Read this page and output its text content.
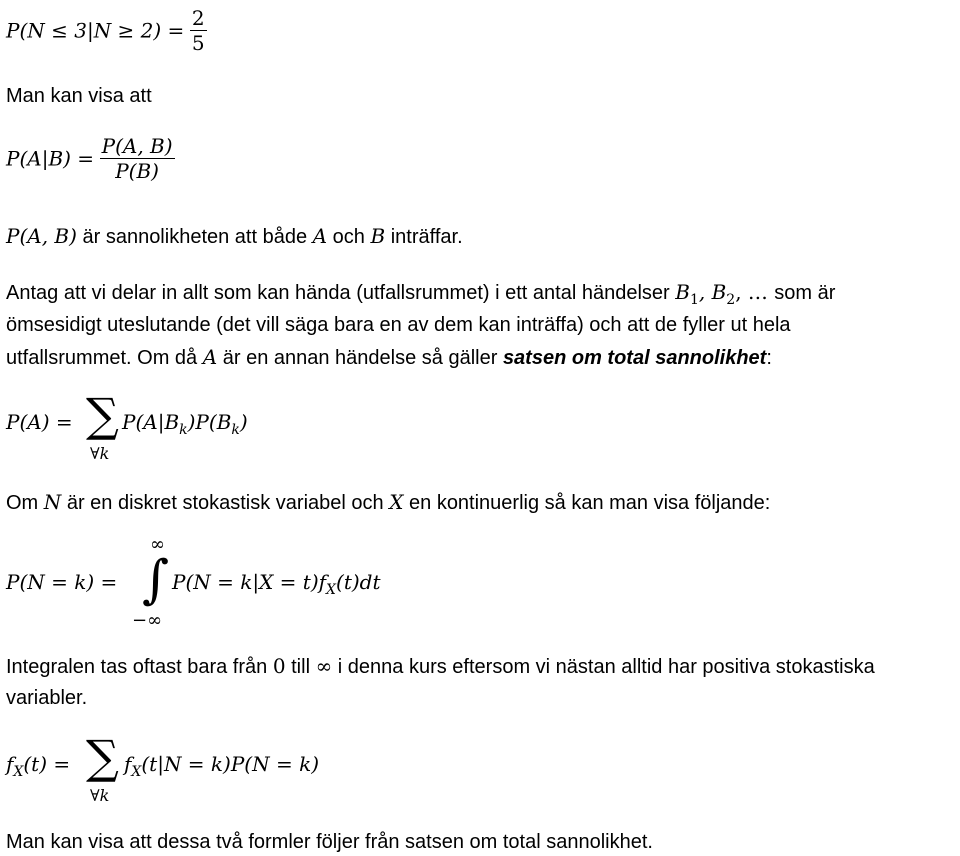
$P(N \le 3|N \ge 2) = \frac{2}{5}$
Man kan visa att
$P(A|B) = \frac{P(A, B)}{P(B)}$
P(A, B) är sannolikheten att både A och B inträffar.
Antag att vi delar in allt som kan hända (utfallsrummet) i ett antal händelser $B_1$, $B_2$, … som är
ömsesidigt uteslutande (det vill säga bara en av dem kan inträffa) och att de fyller ut hela
utfallsrummet. Om då A är en annan händelse så gäller satsen om total sannolikhet:
P(A) = ∑
∀k
$P(A|B_k)P(B_k)$
Om N är en diskret stokastisk variabel och X en kontinuerlig så kan man visa följande:
P(N = k) =
∞
∫
−∞
$P(N = k|X = t)f_X(t)dt$
Integralen tas oftast bara från 0 till ∞ i denna kurs eftersom vi nästan alltid har positiva stokastiska
variabler.
$f_X(t)$ = ∑
∀k
$f_X(t|N = k)P(N = k)$
Man kan visa att dessa två formler följer från satsen om total sannolikhet.
